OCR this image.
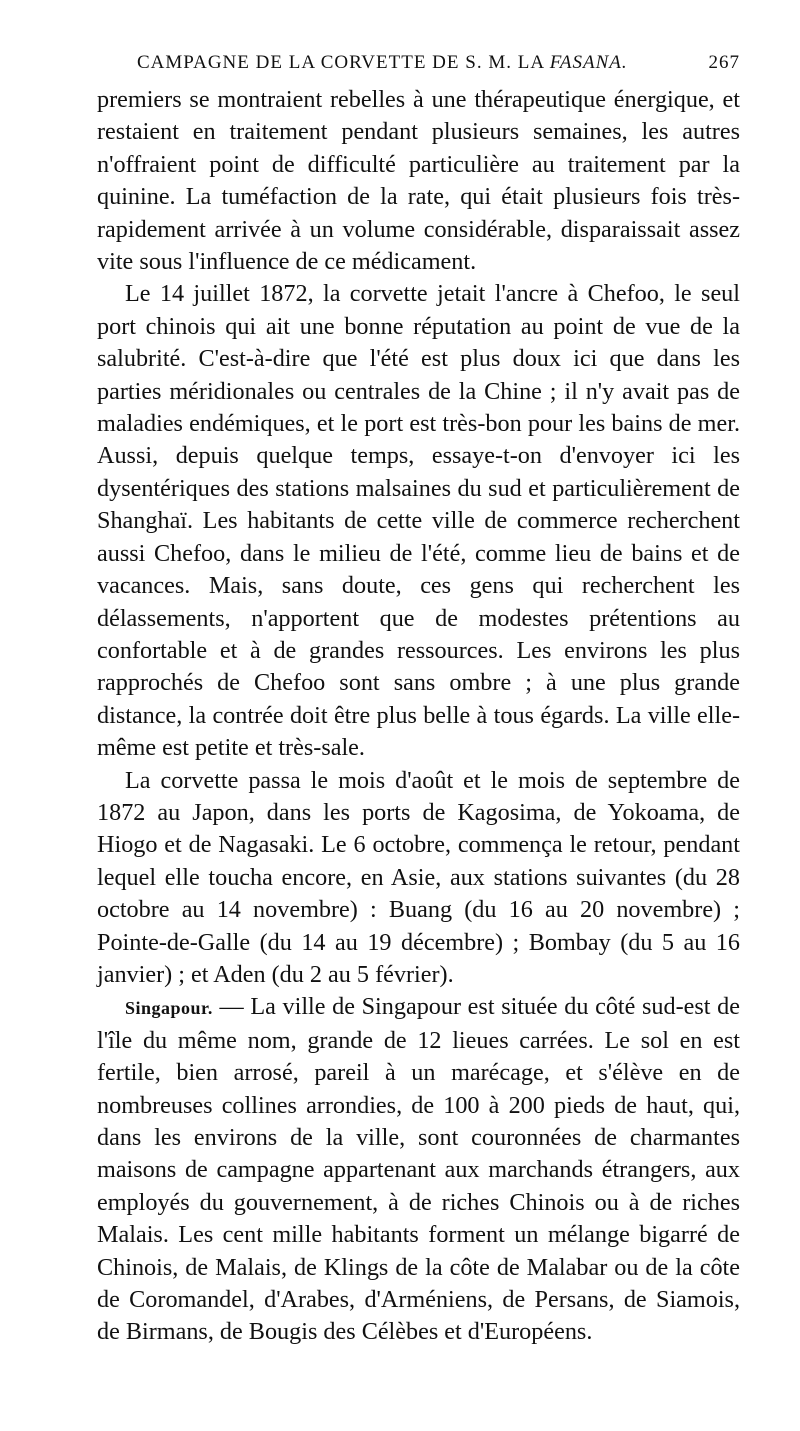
CAMPAGNE DE LA CORVETTE DE S. M. LA FASANA.	267

premiers se montraient rebelles à une thérapeutique énergique, et restaient en traitement pendant plusieurs semaines, les autres n'offraient point de difficulté particulière au traitement par la quinine. La tuméfaction de la rate, qui était plusieurs fois très-rapidement arrivée à un volume considérable, disparaissait assez vite sous l'influence de ce médicament.

Le 14 juillet 1872, la corvette jetait l'ancre à Chefoo, le seul port chinois qui ait une bonne réputation au point de vue de la salubrité. C'est-à-dire que l'été est plus doux ici que dans les parties méridionales ou centrales de la Chine ; il n'y avait pas de maladies endémiques, et le port est très-bon pour les bains de mer. Aussi, depuis quelque temps, essaye-t-on d'envoyer ici les dysentériques des stations malsaines du sud et particulièrement de Shanghaï. Les habitants de cette ville de commerce recherchent aussi Chefoo, dans le milieu de l'été, comme lieu de bains et de vacances. Mais, sans doute, ces gens qui recherchent les délassements, n'apportent que de modestes prétentions au confortable et à de grandes ressources. Les environs les plus rapprochés de Chefoo sont sans ombre ; à une plus grande distance, la contrée doit être plus belle à tous égards. La ville elle-même est petite et très-sale.

La corvette passa le mois d'août et le mois de septembre de 1872 au Japon, dans les ports de Kagosima, de Yokoama, de Hiogo et de Nagasaki. Le 6 octobre, commença le retour, pendant lequel elle toucha encore, en Asie, aux stations suivantes (du 28 octobre au 14 novembre) : Buang (du 16 au 20 novembre) ; Pointe-de-Galle (du 14 au 19 décembre) ; Bombay (du 5 au 16 janvier) ; et Aden (du 2 au 5 février).

Singapour. — La ville de Singapour est située du côté sud-est de l'île du même nom, grande de 12 lieues carrées. Le sol en est fertile, bien arrosé, pareil à un marécage, et s'élève en de nombreuses collines arrondies, de 100 à 200 pieds de haut, qui, dans les environs de la ville, sont couronnées de charmantes maisons de campagne appartenant aux marchands étrangers, aux employés du gouvernement, à de riches Chinois ou à de riches Malais. Les cent mille habitants forment un mélange bigarré de Chinois, de Malais, de Klings de la côte de Malabar ou de la côte de Coromandel, d'Arabes, d'Arméniens, de Persans, de Siamois, de Birmans, de Bougis des Célèbes et d'Européens.
